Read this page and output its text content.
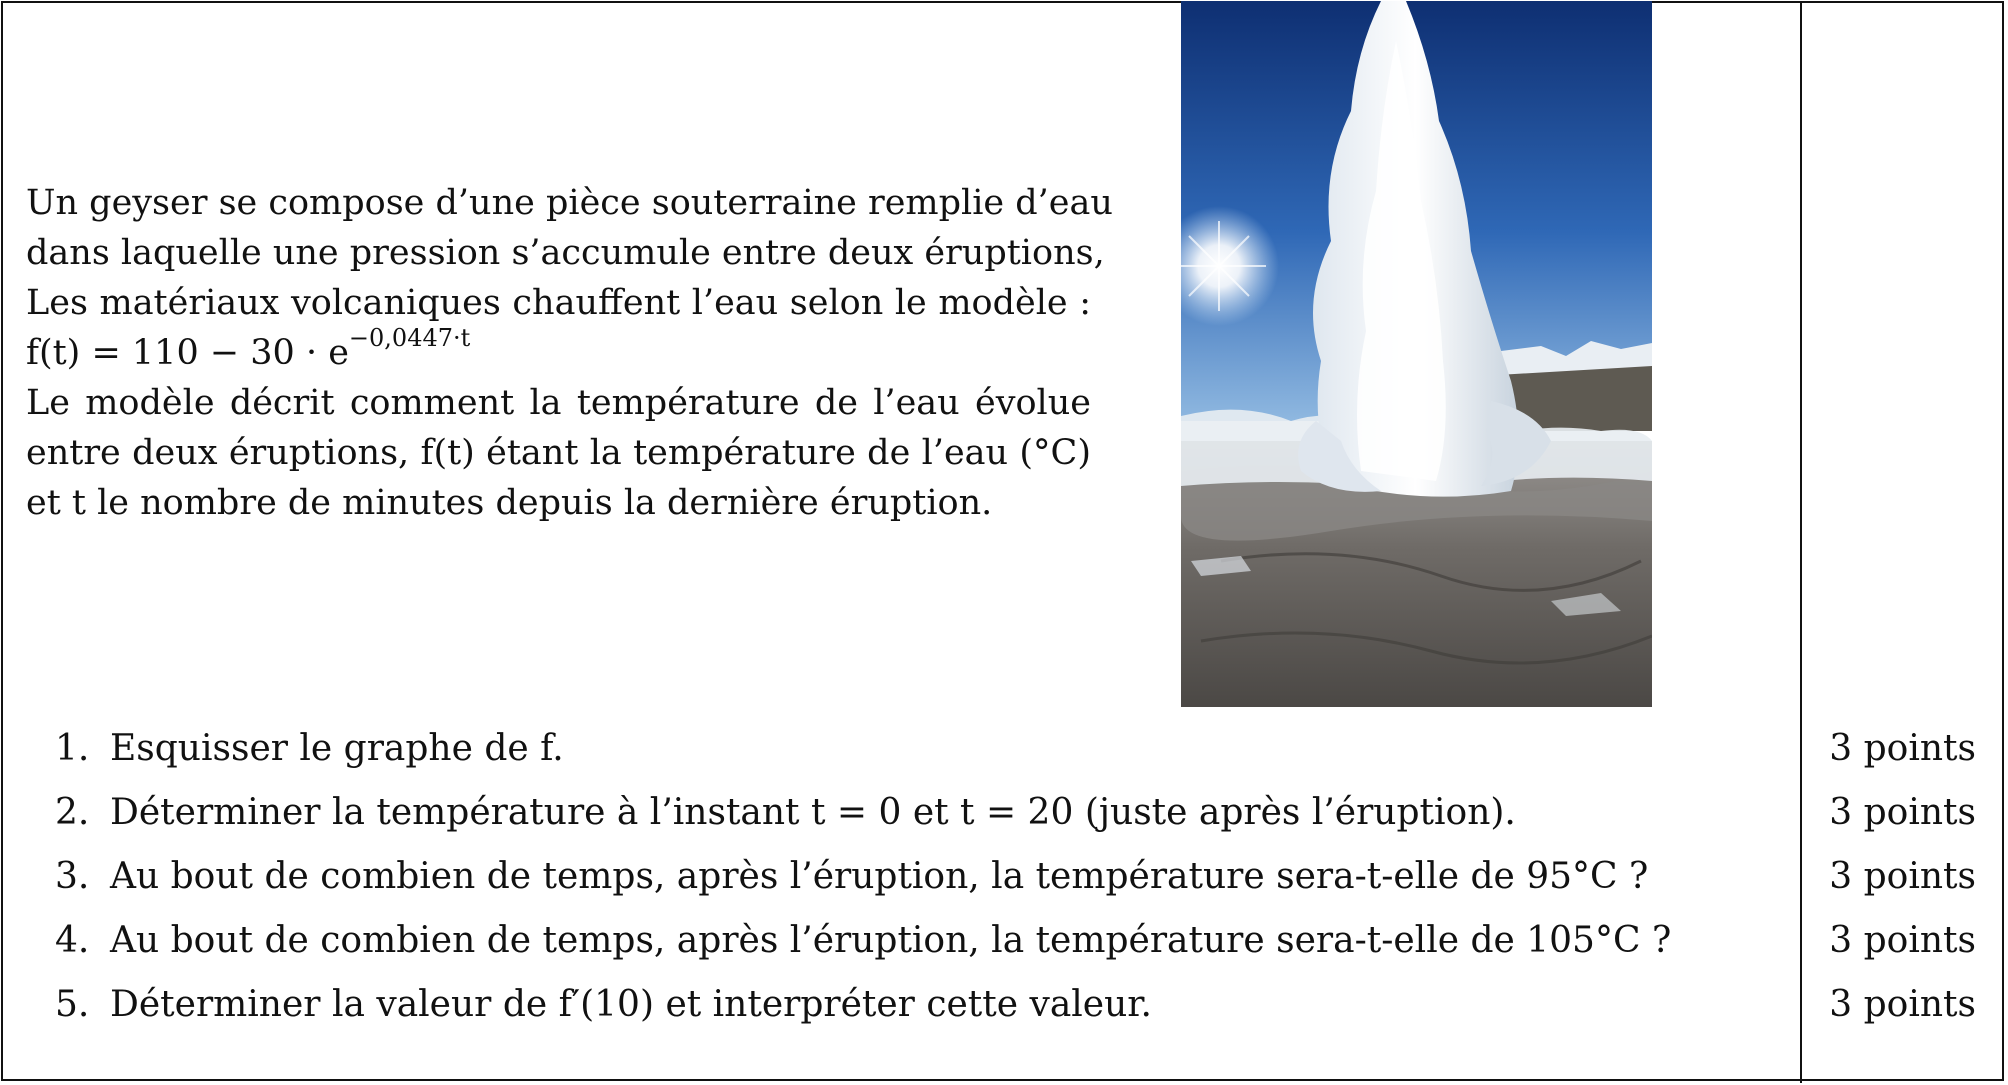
Un geyser se compose d’une pièce souterraine remplie d’eau
dans laquelle une pression s’accumule entre deux éruptions,
Les matériaux volcaniques chauffent l’eau selon le modèle :
$f(t) = 110 - 30 \cdot e^{-0,0447\cdot t}$
Le modèle décrit comment la température de l’eau évolue
entre deux éruptions, f(t) étant la température de l’eau (°C)
et t le nombre de minutes depuis la dernière éruption.
1. Esquisser le graphe de f.
2. Déterminer la température à l’instant t = 0 et t = 20 (juste après l’éruption).
3. Au bout de combien de temps, après l’éruption, la température sera-t-elle de 95°C ?
4. Au bout de combien de temps, après l’éruption, la température sera-t-elle de 105°C ?
5. Déterminer la valeur de f′(10) et interpréter cette valeur.
3 points
3 points
3 points
3 points
3 points
